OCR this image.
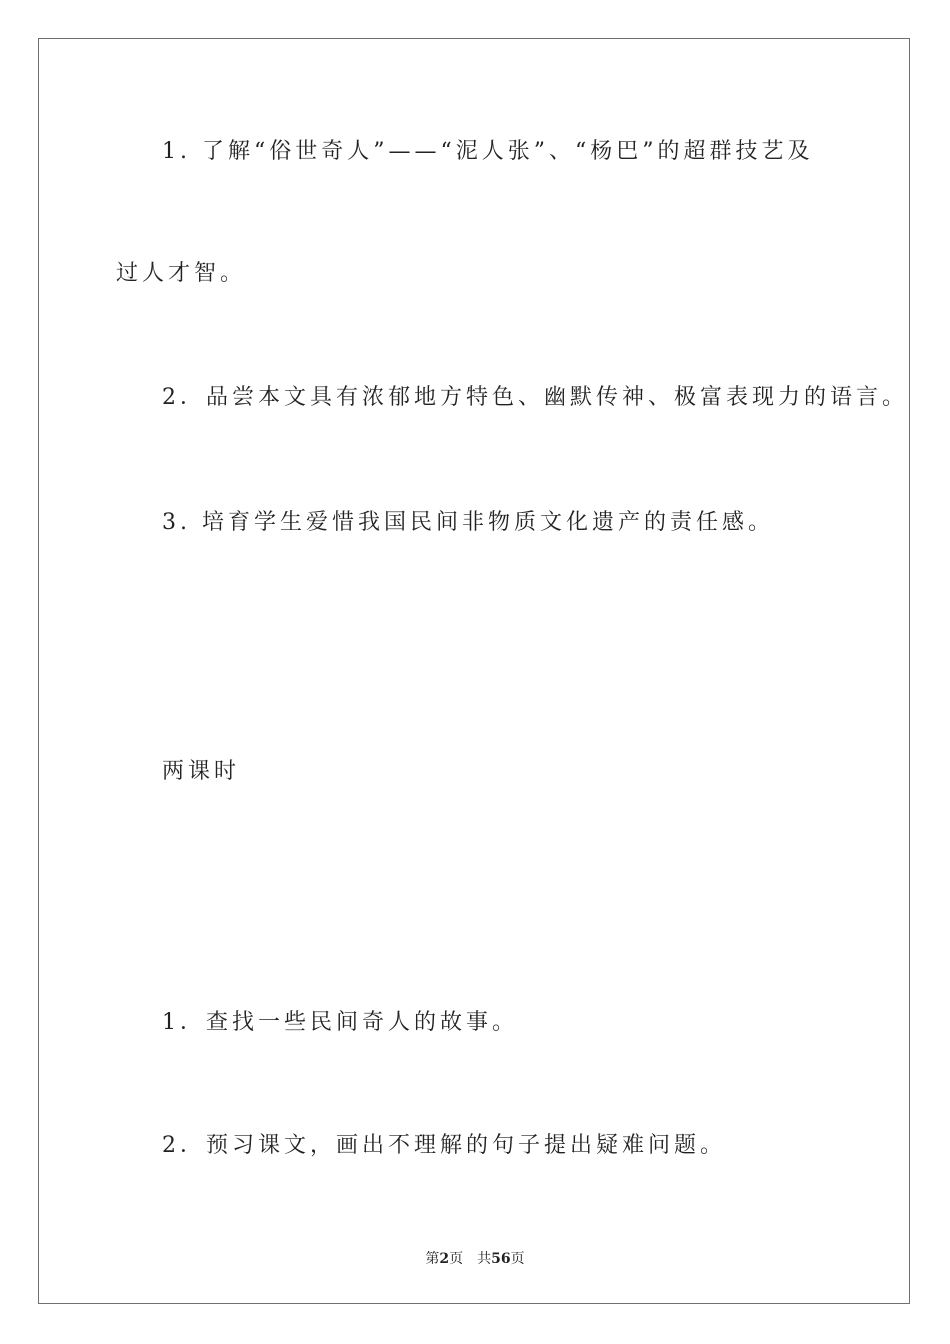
1. 了解“俗世奇人”——“泥人张”、“杨巴”的超群技艺及
过人才智。
2．品尝本文具有浓郁地方特色、幽默传神、极富表现力的语言。
3. 培育学生爱惜我国民间非物质文化遗产的责任感。
两课时
1．查找一些民间奇人的故事。
2．预习课文，画出不理解的句子提出疑难问题。
第2页　共56页
